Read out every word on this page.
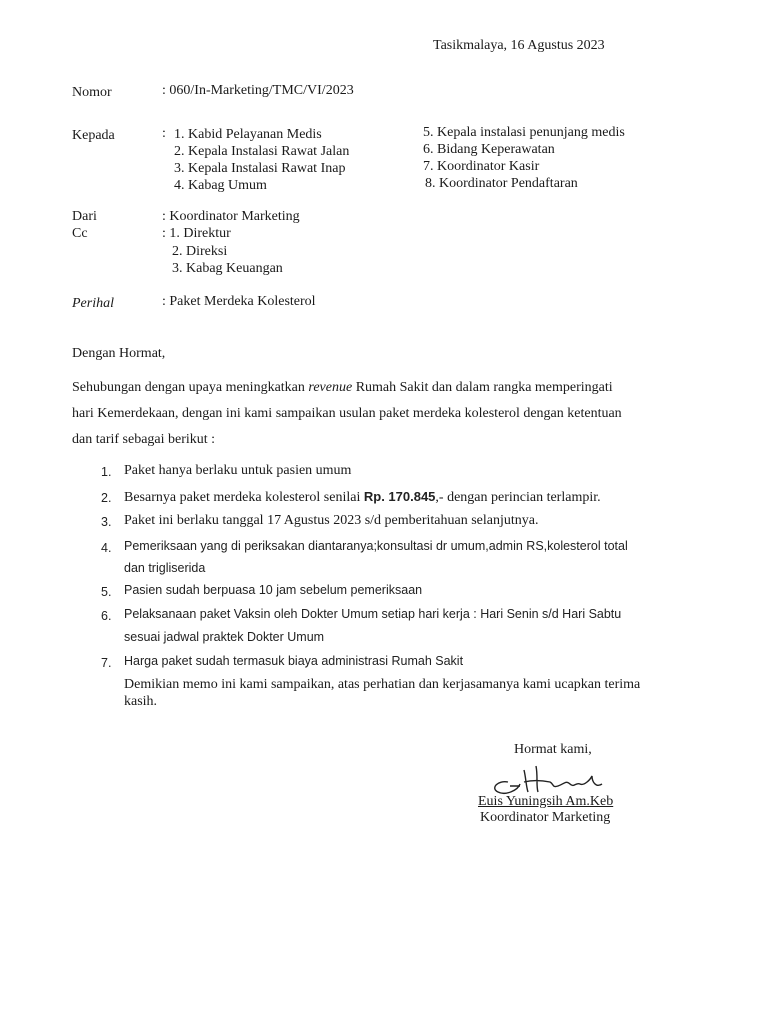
Tasikmalaya, 16 Agustus 2023
Nomor	: 060/In-Marketing/TMC/VI/2023
Kepada	: 1. Kabid Pelayanan Medis
2. Kepala Instalasi Rawat Jalan
3. Kepala Instalasi Rawat Inap
4. Kabag Umum
5. Kepala instalasi penunjang medis
6. Bidang Keperawatan
7. Koordinator Kasir
8. Koordinator Pendaftaran
Dari	: Koordinator Marketing
Cc	: 1. Direktur
2. Direksi
3. Kabag Keuangan
Perihal	: Paket Merdeka Kolesterol
Dengan Hormat,
Sehubungan dengan upaya meningkatkan revenue Rumah Sakit dan dalam rangka memperingati
hari Kemerdekaan, dengan ini kami sampaikan usulan paket merdeka kolesterol dengan ketentuan
dan tarif sebagai berikut :
1. Paket hanya berlaku untuk pasien umum
2. Besarnya paket merdeka kolesterol senilai Rp. 170.845,- dengan perincian terlampir.
3. Paket ini berlaku tanggal 17 Agustus 2023 s/d pemberitahuan selanjutnya.
4. Pemeriksaan yang di periksakan diantaranya;konsultasi dr umum,admin RS,kolesterol total
dan trigliserida
5. Pasien sudah berpuasa 10 jam sebelum pemeriksaan
6. Pelaksanaan paket Vaksin oleh Dokter Umum setiap hari kerja : Hari Senin s/d Hari Sabtu
sesuai jadwal praktek Dokter Umum
7. Harga paket sudah termasuk biaya administrasi Rumah Sakit
Demikian memo ini kami sampaikan, atas perhatian dan kerjasamanya kami ucapkan terima
kasih.
Hormat kami,
Euis Yuningsih Am.Keb
Koordinator Marketing
